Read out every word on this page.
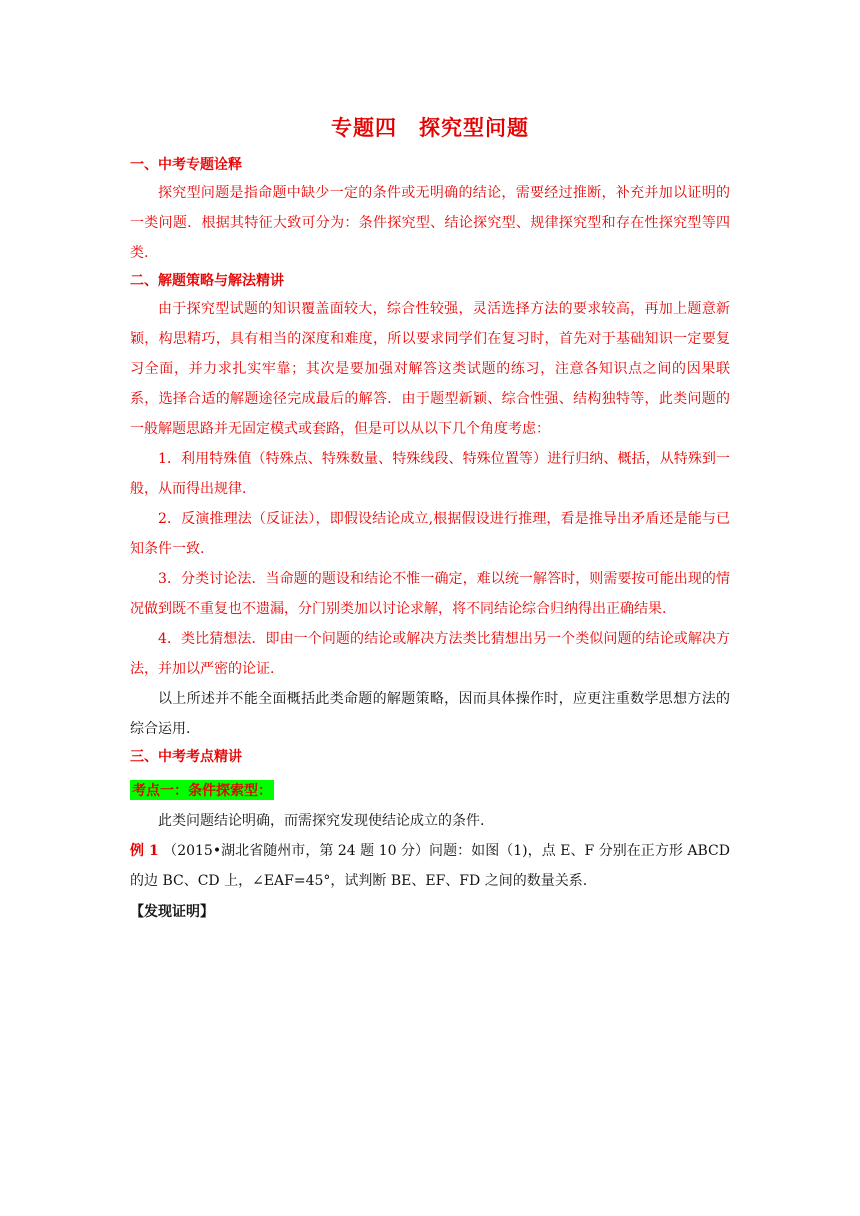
专题四　探究型问题
一、中考专题诠释

探究型问题是指命题中缺少一定的条件或无明确的结论，需要经过推断，补充并加以证明的一类问题．根据其特征大致可分为：条件探究型、结论探究型、规律探究型和存在性探究型等四类.

二、解题策略与解法精讲

由于探究型试题的知识覆盖面较大，综合性较强，灵活选择方法的要求较高，再加上题意新颖，构思精巧，具有相当的深度和难度，所以要求同学们在复习时，首先对于基础知识一定要复习全面，并力求扎实牢靠；其次是要加强对解答这类试题的练习，注意各知识点之间的因果联系，选择合适的解题途径完成最后的解答．由于题型新颖、综合性强、结构独特等，此类问题的一般解题思路并无固定模式或套路，但是可以从以下几个角度考虑：

1．利用特殊值（特殊点、特殊数量、特殊线段、特殊位置等）进行归纳、概括，从特殊到一般，从而得出规律.

2．反演推理法（反证法），即假设结论成立,根据假设进行推理，看是推导出矛盾还是能与已知条件一致.

3．分类讨论法．当命题的题设和结论不惟一确定，难以统一解答时，则需要按可能出现的情况做到既不重复也不遗漏，分门别类加以讨论求解，将不同结论综合归纳得出正确结果.

4．类比猜想法．即由一个问题的结论或解决方法类比猜想出另一个类似问题的结论或解决方法，并加以严密的论证.

以上所述并不能全面概括此类命题的解题策略，因而具体操作时，应更注重数学思想方法的综合运用.

三、中考考点精讲
考点一：条件探索型：

此类问题结论明确，而需探究发现使结论成立的条件.

例 1 （2015•湖北省随州市，第 24 题 10 分）问题：如图（1)，点 E、F 分别在正方形 ABCD 的边 BC、CD 上，∠EAF=45°，试判断 BE、EF、FD 之间的数量关系.

【发现证明】
